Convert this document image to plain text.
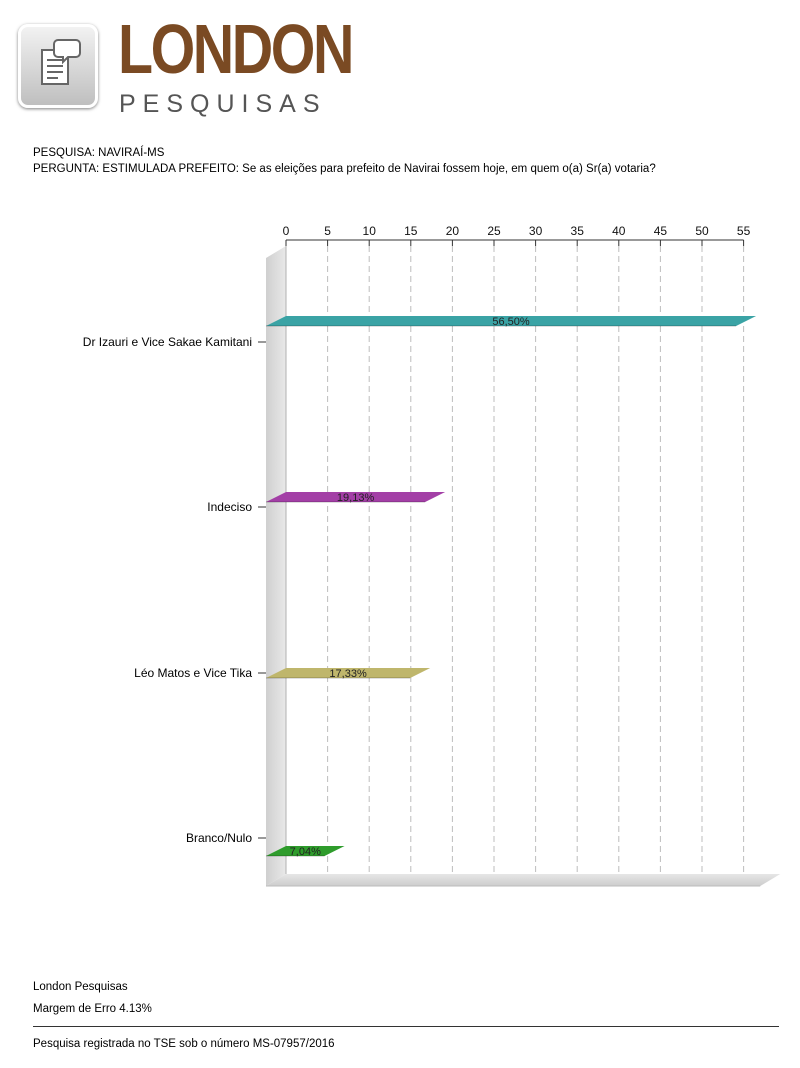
LONDON
PESQUISAS
PESQUISA: NAVIRAÍ-MS
PERGUNTA: ESTIMULADA PREFEITO: Se as eleições para prefeito de Navirai fossem hoje, em quem o(a) Sr(a) votaria?
0	5	10 15 20 25 30 35 40 45 50 55
Dr Izauri e Vice Sakae Kamitani
Indeciso
Léo Matos e Vice Tika
Branco/Nulo
56,50%
19,13%
17,33%
7,04%
London Pesquisas
Margem de Erro 4.13%
Pesquisa registrada no TSE sob o número MS-07957/2016
